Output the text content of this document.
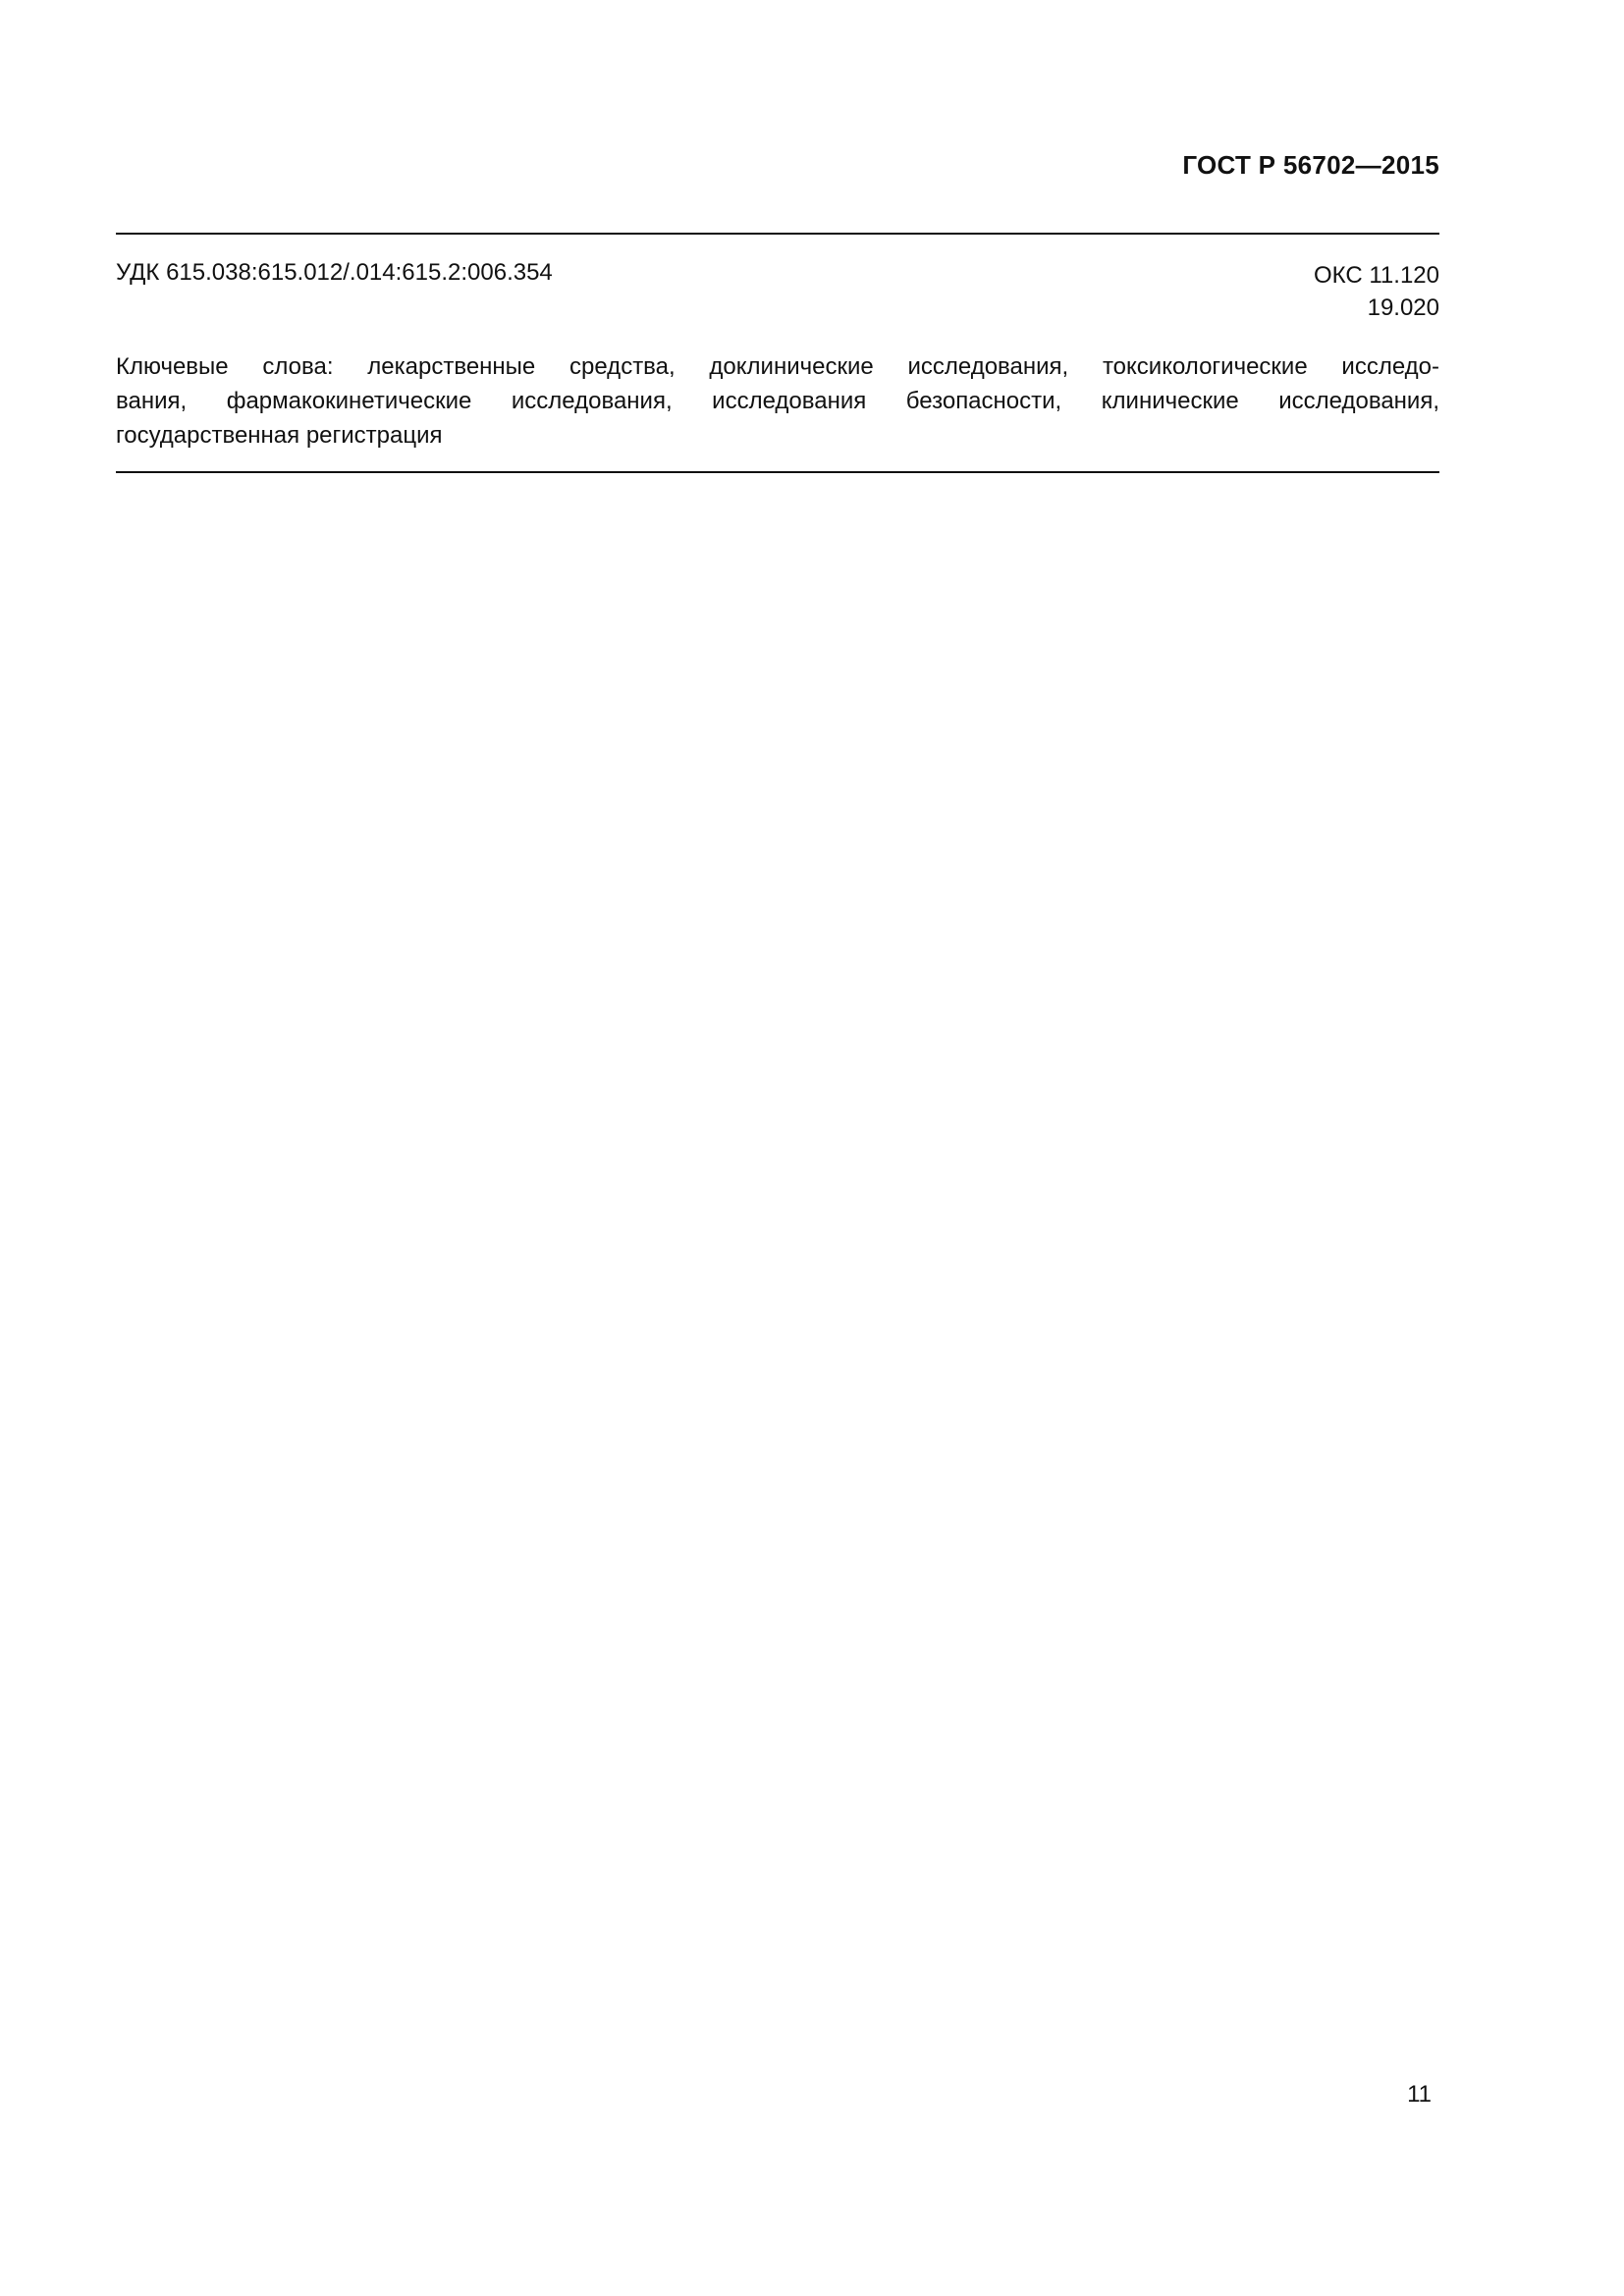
ГОСТ Р 56702—2015
УДК 615.038:615.012/.014:615.2:006.354	ОКС 11.120
19.020
Ключевые слова: лекарственные средства, доклинические исследования, токсикологические исследо-
вания, фармакокинетические исследования, исследования безопасности, клинические исследования,
государственная регистрация
11
